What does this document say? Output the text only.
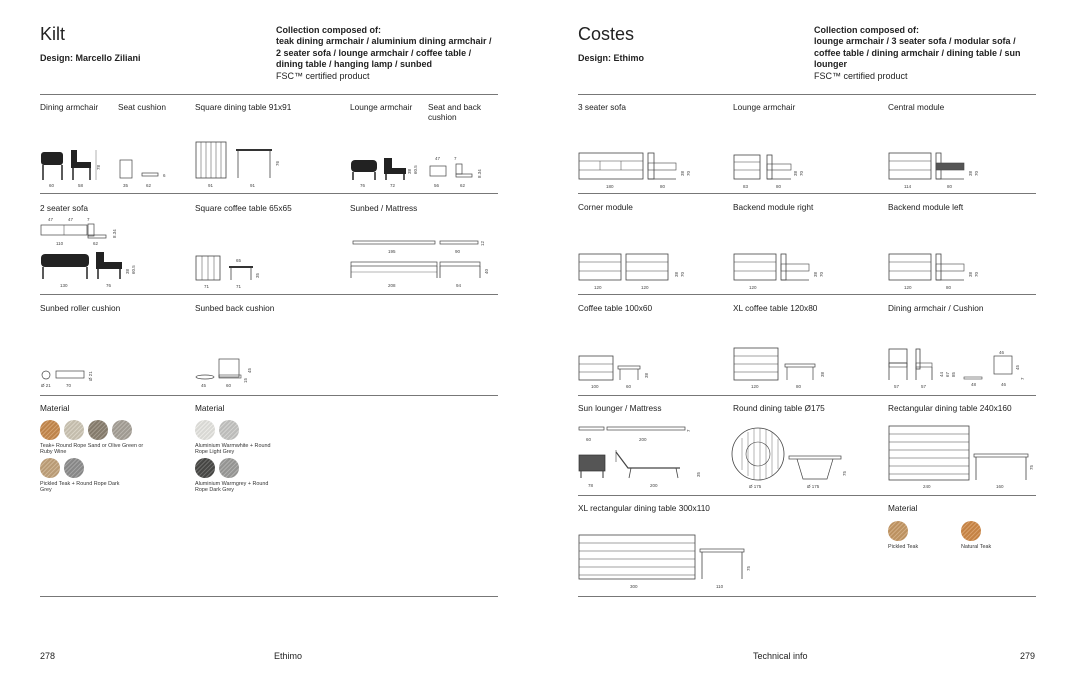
Kilt
Design: Marcello Ziliani
Collection composed of:
teak dining armchair / aluminium dining armchair / 2 seater sofa / lounge armchair / coffee table / dining table / hanging lamp / sunbed
FSC™ certified product
Dining armchair Seat cushion	Square dining table 91x91	Lounge armchair Seat and back cushion
78
60	58	35	62
6
76
91	91
38 60.5
76	72
47	7
8.34
56	62
2 seater sofa	Square coffee table 65x65	Sunbed / Mattress
47	47	7
8.34
110	62
38 60.5
130	76
65
35
71	71
12
195	90
40
208	94
Sunbed roller cushion	Sunbed back cushion
Ø 21
Ø 21	70
45
15
45	60
Material	Material
Teak+ Round Rope Sand or Olive Green or Ruby Wine
Pickled Teak + Round Rope Dark Grey
Aluminium Warmwhite + Round Rope Light Grey
Aluminium Warmgrey + Round Rope Dark Grey
278	Ethimo
Costes
Design: Ethimo
Collection composed of:
lounge armchair / 3 seater sofa / modular sofa / coffee table / dining armchair / dining table / sun lounger
FSC™ certified product
3 seater sofa	Lounge armchair	Central module
38 70
180	80
38 70
83	80
38 70
114	80
Corner module	Backend module right	Backend module left
38 70
120	120
38 70
120
38 70
120	80
Coffee table 100x60	XL coffee table 120x80	Dining armchair / Cushion
38
100	60
38
120	80
44 67 85
46
45
7
57	57	48	46
Sun lounger / Mattress	Round dining table Ø175	Rectangular dining table 240x160
7
60	200
35
78	200
75
Ø 175	Ø 175
75
240	160
XL rectangular dining table 300x110	Material
75
300	110
Pickled Teak	Natural Teak
Technical info	279
